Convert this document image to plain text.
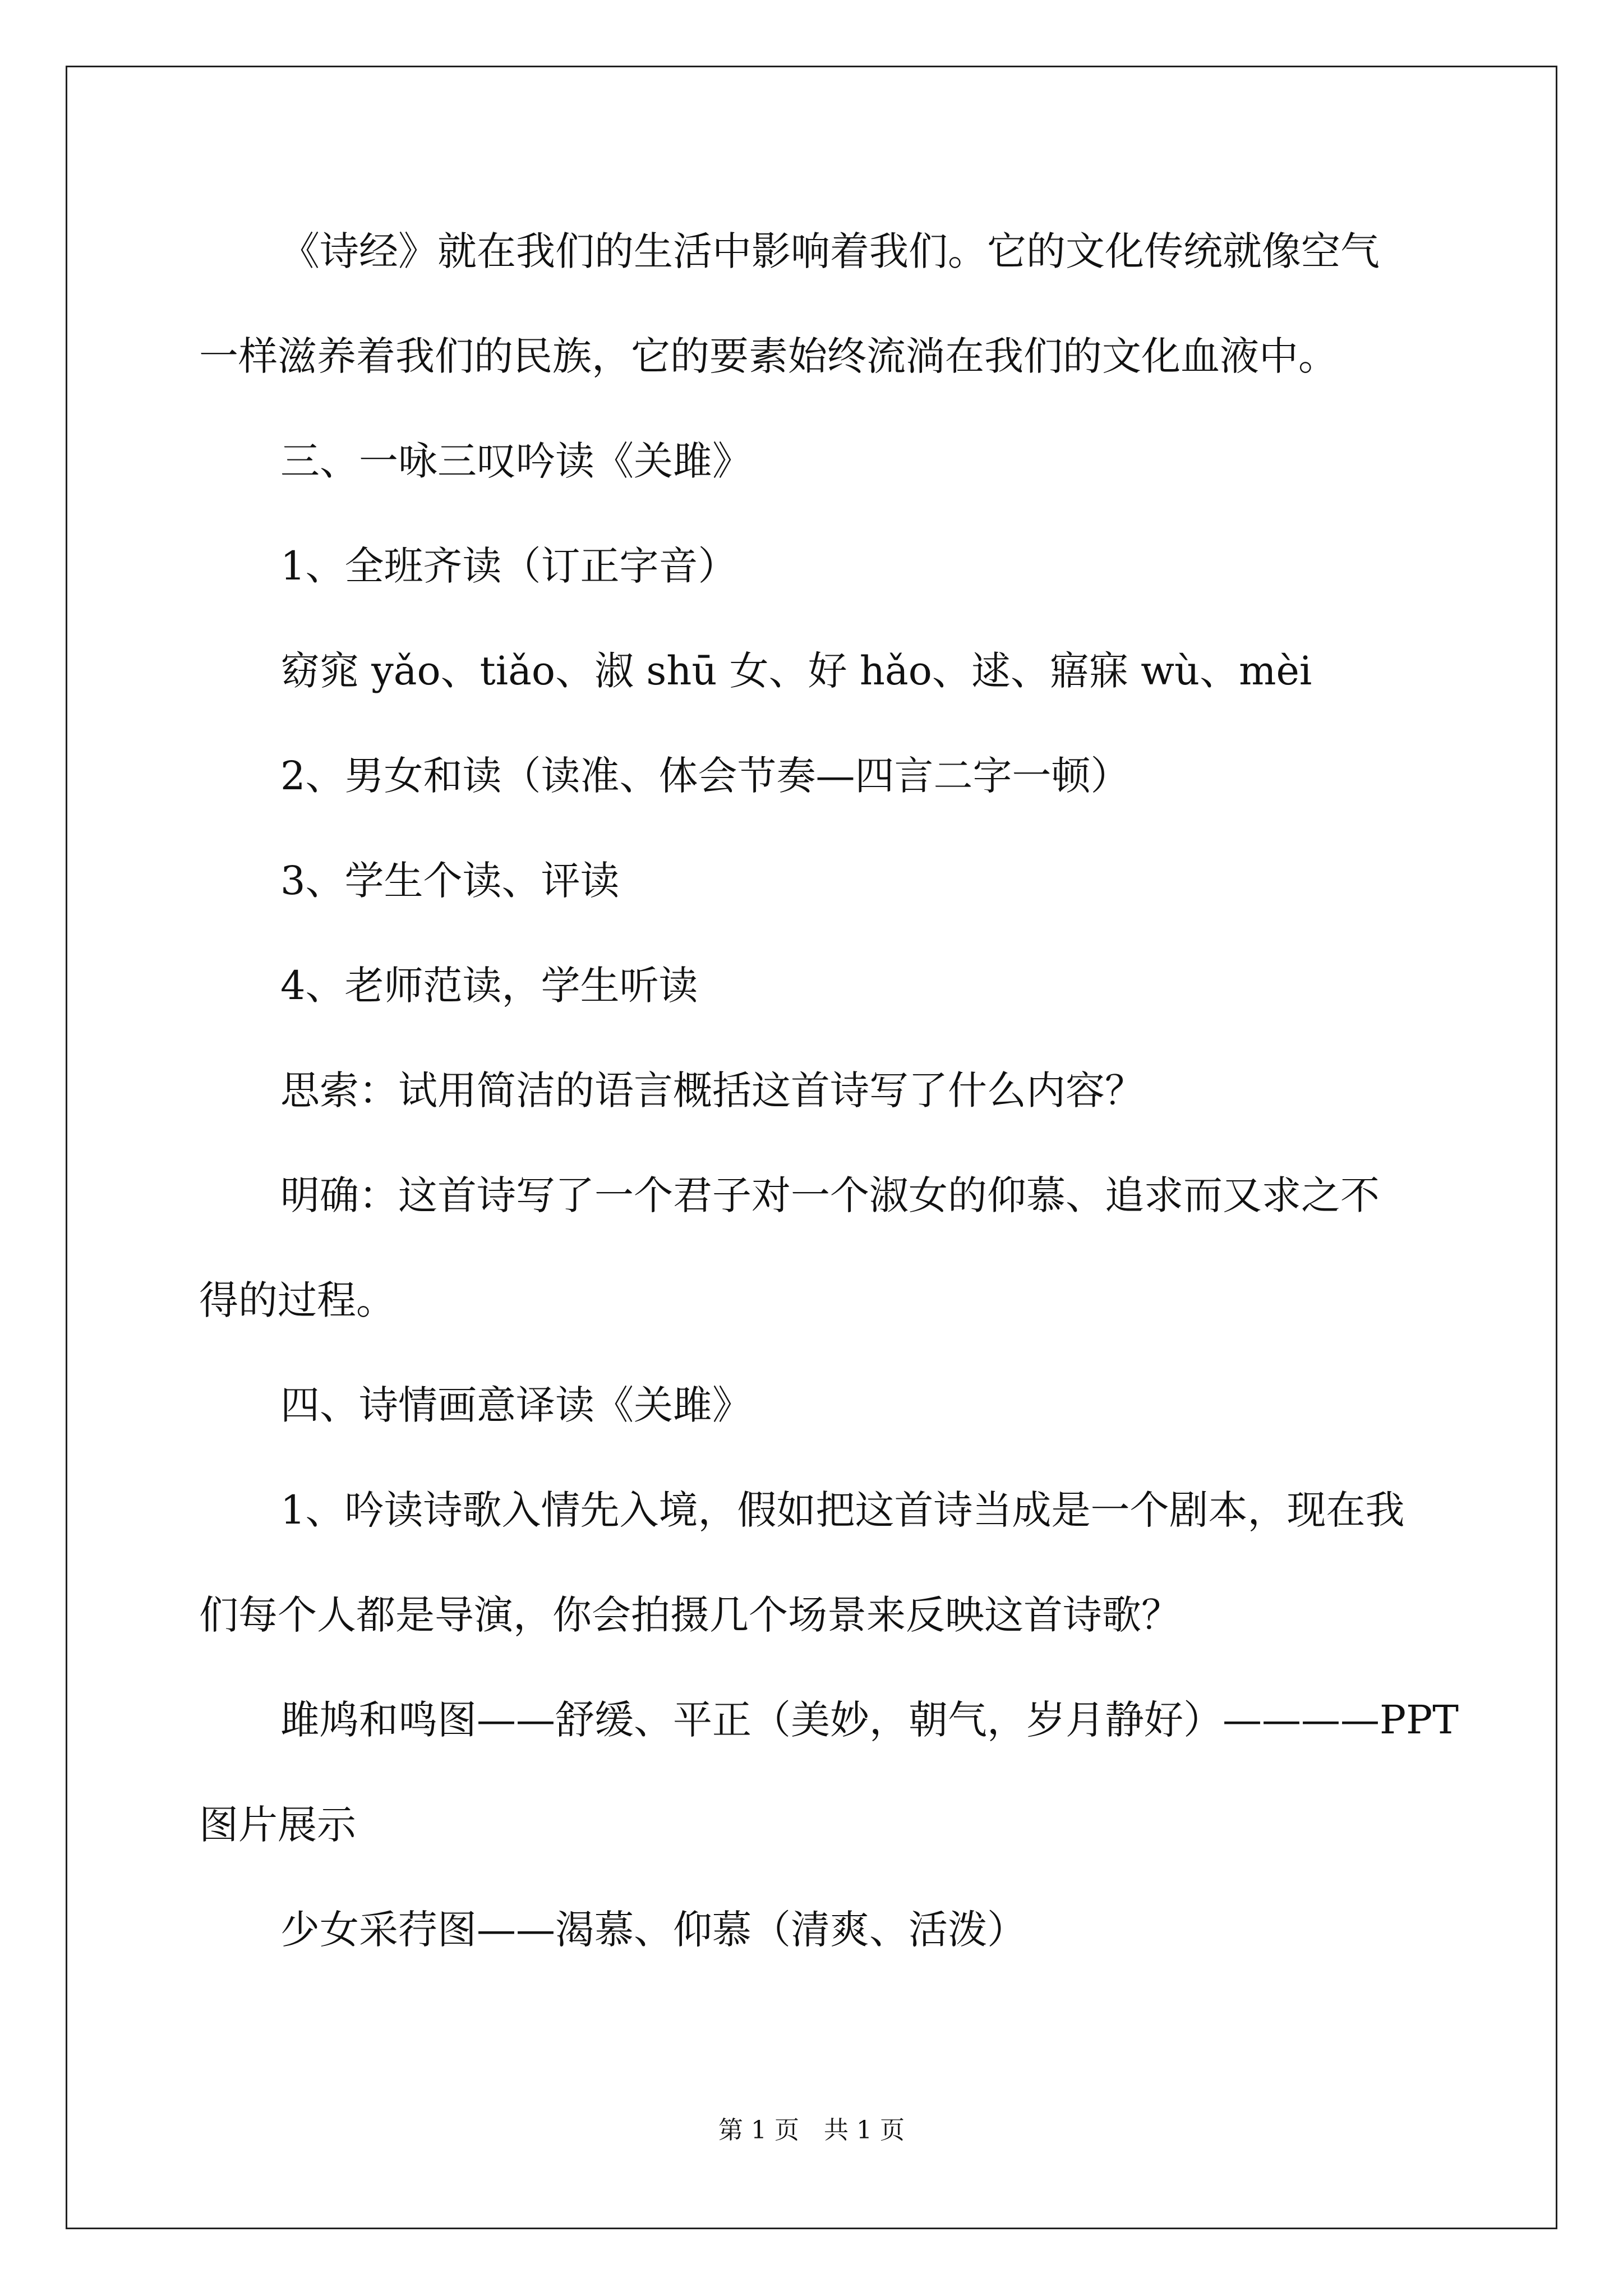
《诗经》就在我们的生活中影响着我们。它的文化传统就像空气
一样滋养着我们的民族，它的要素始终流淌在我们的文化血液中。
三、一咏三叹吟读《关雎》
1、全班齐读（订正字音）
窈窕 yǎo、tiǎo、淑 shū 女、好 hǎo、逑、寤寐 wù、mèi
2、男女和读（读准、体会节奏—四言二字一顿）
3、学生个读、评读
4、老师范读，学生听读
思索：试用简洁的语言概括这首诗写了什么内容？
明确：这首诗写了一个君子对一个淑女的仰慕、追求而又求之不
得的过程。
四、诗情画意译读《关雎》
1、吟读诗歌入情先入境，假如把这首诗当成是一个剧本，现在我
们每个人都是导演，你会拍摄几个场景来反映这首诗歌？
雎鸠和鸣图——舒缓、平正（美妙，朝气，岁月静好）————PPT
图片展示
少女采荇图——渴慕、仰慕（清爽、活泼）
第 1 页　共 1 页
